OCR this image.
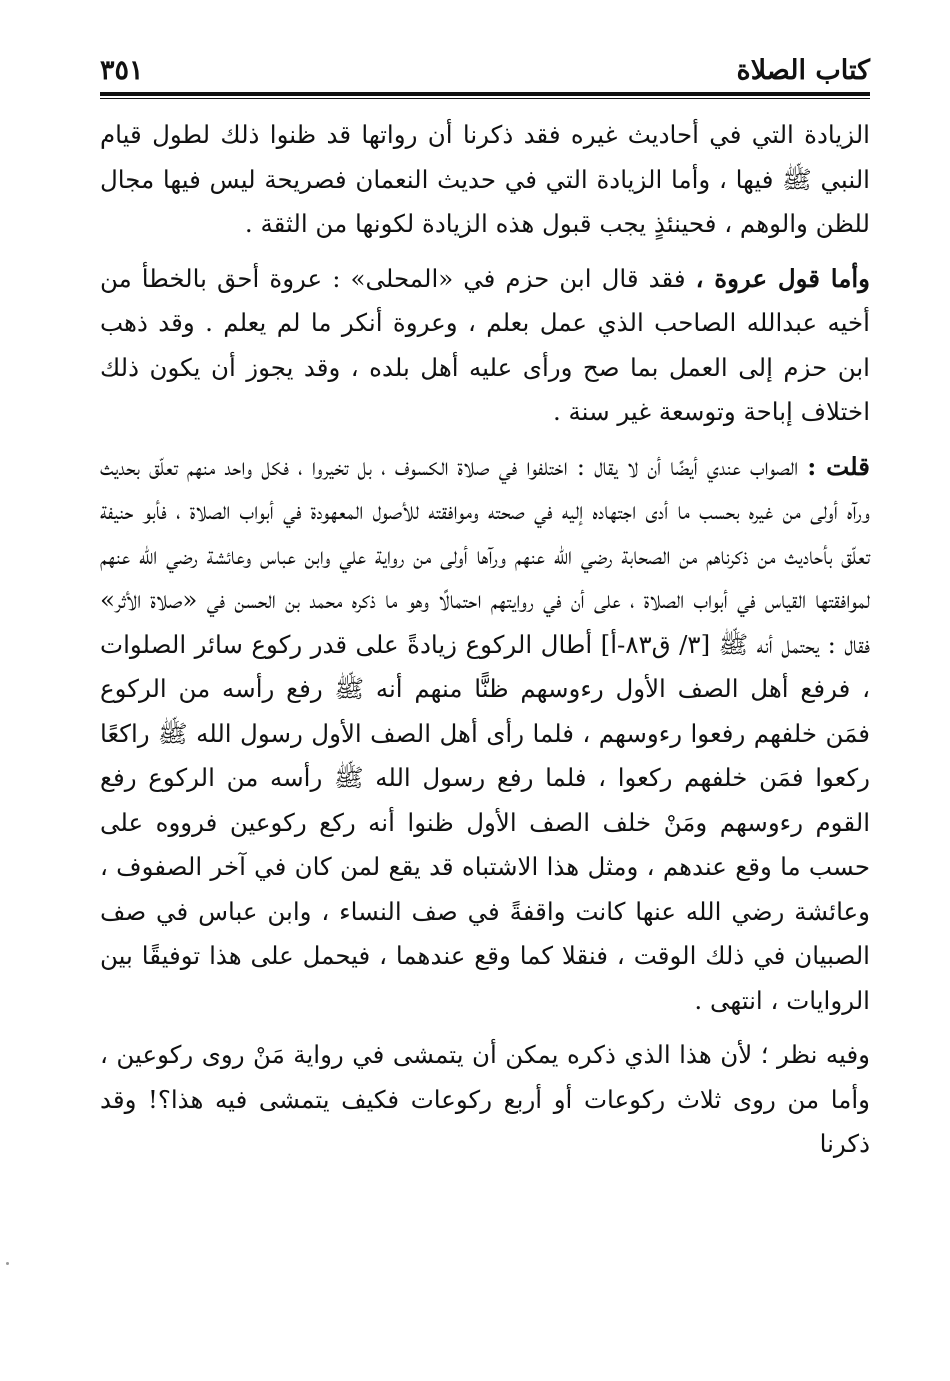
كتاب الصلاة
٣٥١

الزيادة التي في أحاديث غيره فقد ذكرنا أن رواتها قد ظنوا ذلك لطول قيام النبي ﷺ فيها ، وأما الزيادة التي في حديث النعمان فصريحة ليس فيها مجال للظن والوهم ، فحينئذٍ يجب قبول هذه الزيادة لكونها من الثقة .

وأما قول عروة ، فقد قال ابن حزم في «المحلى» : عروة أحق بالخطأ من أخيه عبدالله الصاحب الذي عمل بعلم ، وعروة أنكر ما لم يعلم . وقد ذهب ابن حزم إلى العمل بما صح ورأى عليه أهل بلده ، وقد يجوز أن يكون ذلك اختلاف إباحة وتوسعة غير سنة .

قلت : الصواب عندي أيضًا أن لا يقال : اختلفوا في صلاة الكسوف ، بل تخيروا ، فكل واحد منهم تعلّق بحديث ورآه أولى من غيره بحسب ما أدى اجتهاده إليه في صحته وموافقته للأصول المعهودة في أبواب الصلاة ، فأبو حنيفة تعلّق بأحاديث من ذكرناهم من الصحابة رضي الله عنهم ورآها أولى من رواية علي وابن عباس وعائشة رضي الله عنهم لموافقتها القياس في أبواب الصلاة ، على أن في روايتهم احتمالًا وهو ما ذكره محمد بن الحسن في «صلاة الأثر» فقال : يحتمل أنه ﷺ [٣/ ق٨٣-أ] أطال الركوع زيادةً على قدر ركوع سائر الصلوات ، فرفع أهل الصف الأول رءوسهم ظنًّا منهم أنه ﷺ رفع رأسه من الركوع فمَن خلفهم رفعوا رءوسهم ، فلما رأى أهل الصف الأول رسول الله ﷺ راكعًا ركعوا فمَن خلفهم ركعوا ، فلما رفع رسول الله ﷺ رأسه من الركوع رفع القوم رءوسهم ومَنْ خلف الصف الأول ظنوا أنه ركع ركوعين فرووه على حسب ما وقع عندهم ، ومثل هذا الاشتباه قد يقع لمن كان في آخر الصفوف ، وعائشة رضي الله عنها كانت واقفةً في صف النساء ، وابن عباس في صف الصبيان في ذلك الوقت ، فنقلا كما وقع عندهما ، فيحمل على هذا توفيقًا بين الروايات ، انتهى .

وفيه نظر ؛ لأن هذا الذي ذكره يمكن أن يتمشى في رواية مَنْ روى ركوعين ، وأما من روى ثلاث ركوعات أو أربع ركوعات فكيف يتمشى فيه هذا؟! وقد ذكرنا
